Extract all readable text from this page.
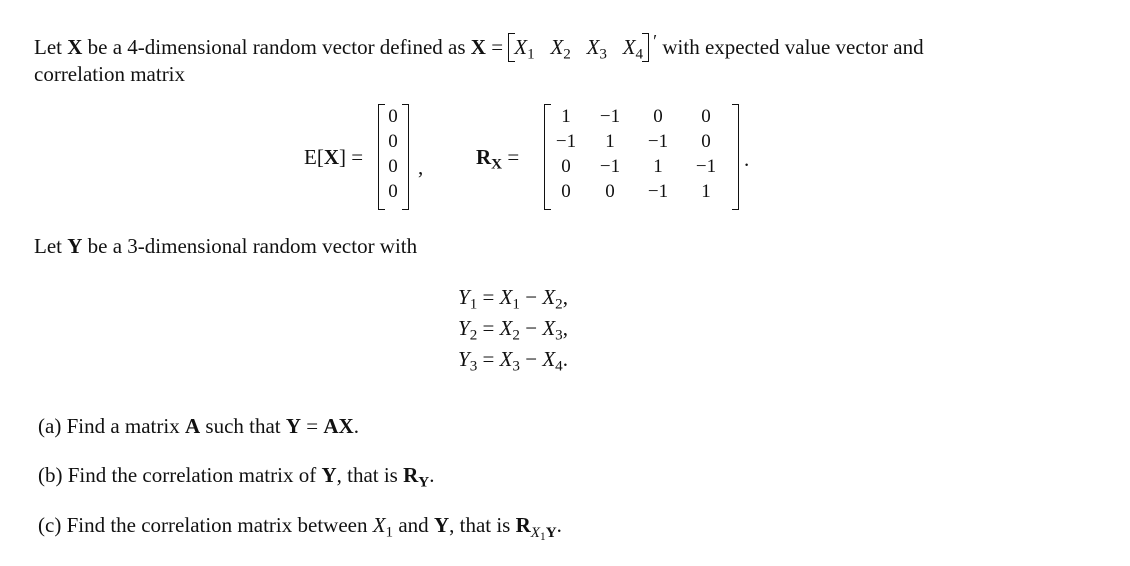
Let X be a 4-dimensional random vector defined as X =
$X_1$ $X_2$ $X_3$ $X_4$
′ with expected value vector and
correlation matrix
E[X] =
0
0
0
0
,	$R_X$ =
1	−1	0	0
−1	1	−1	0
0	−1	1	−1
0	0	−1	1
.
Let Y be a 3-dimensional random vector with
$Y_1 = X_1 - X_2$,
$Y_2 = X_2 - X_3$,
$Y_3 = X_3 - X_4$.
(a) Find a matrix A such that Y = AX.
(b) Find the correlation matrix of Y, that is $R_Y$.
(c) Find the correlation matrix between $X_1$ and Y, that is $R_{X1Y}$.
